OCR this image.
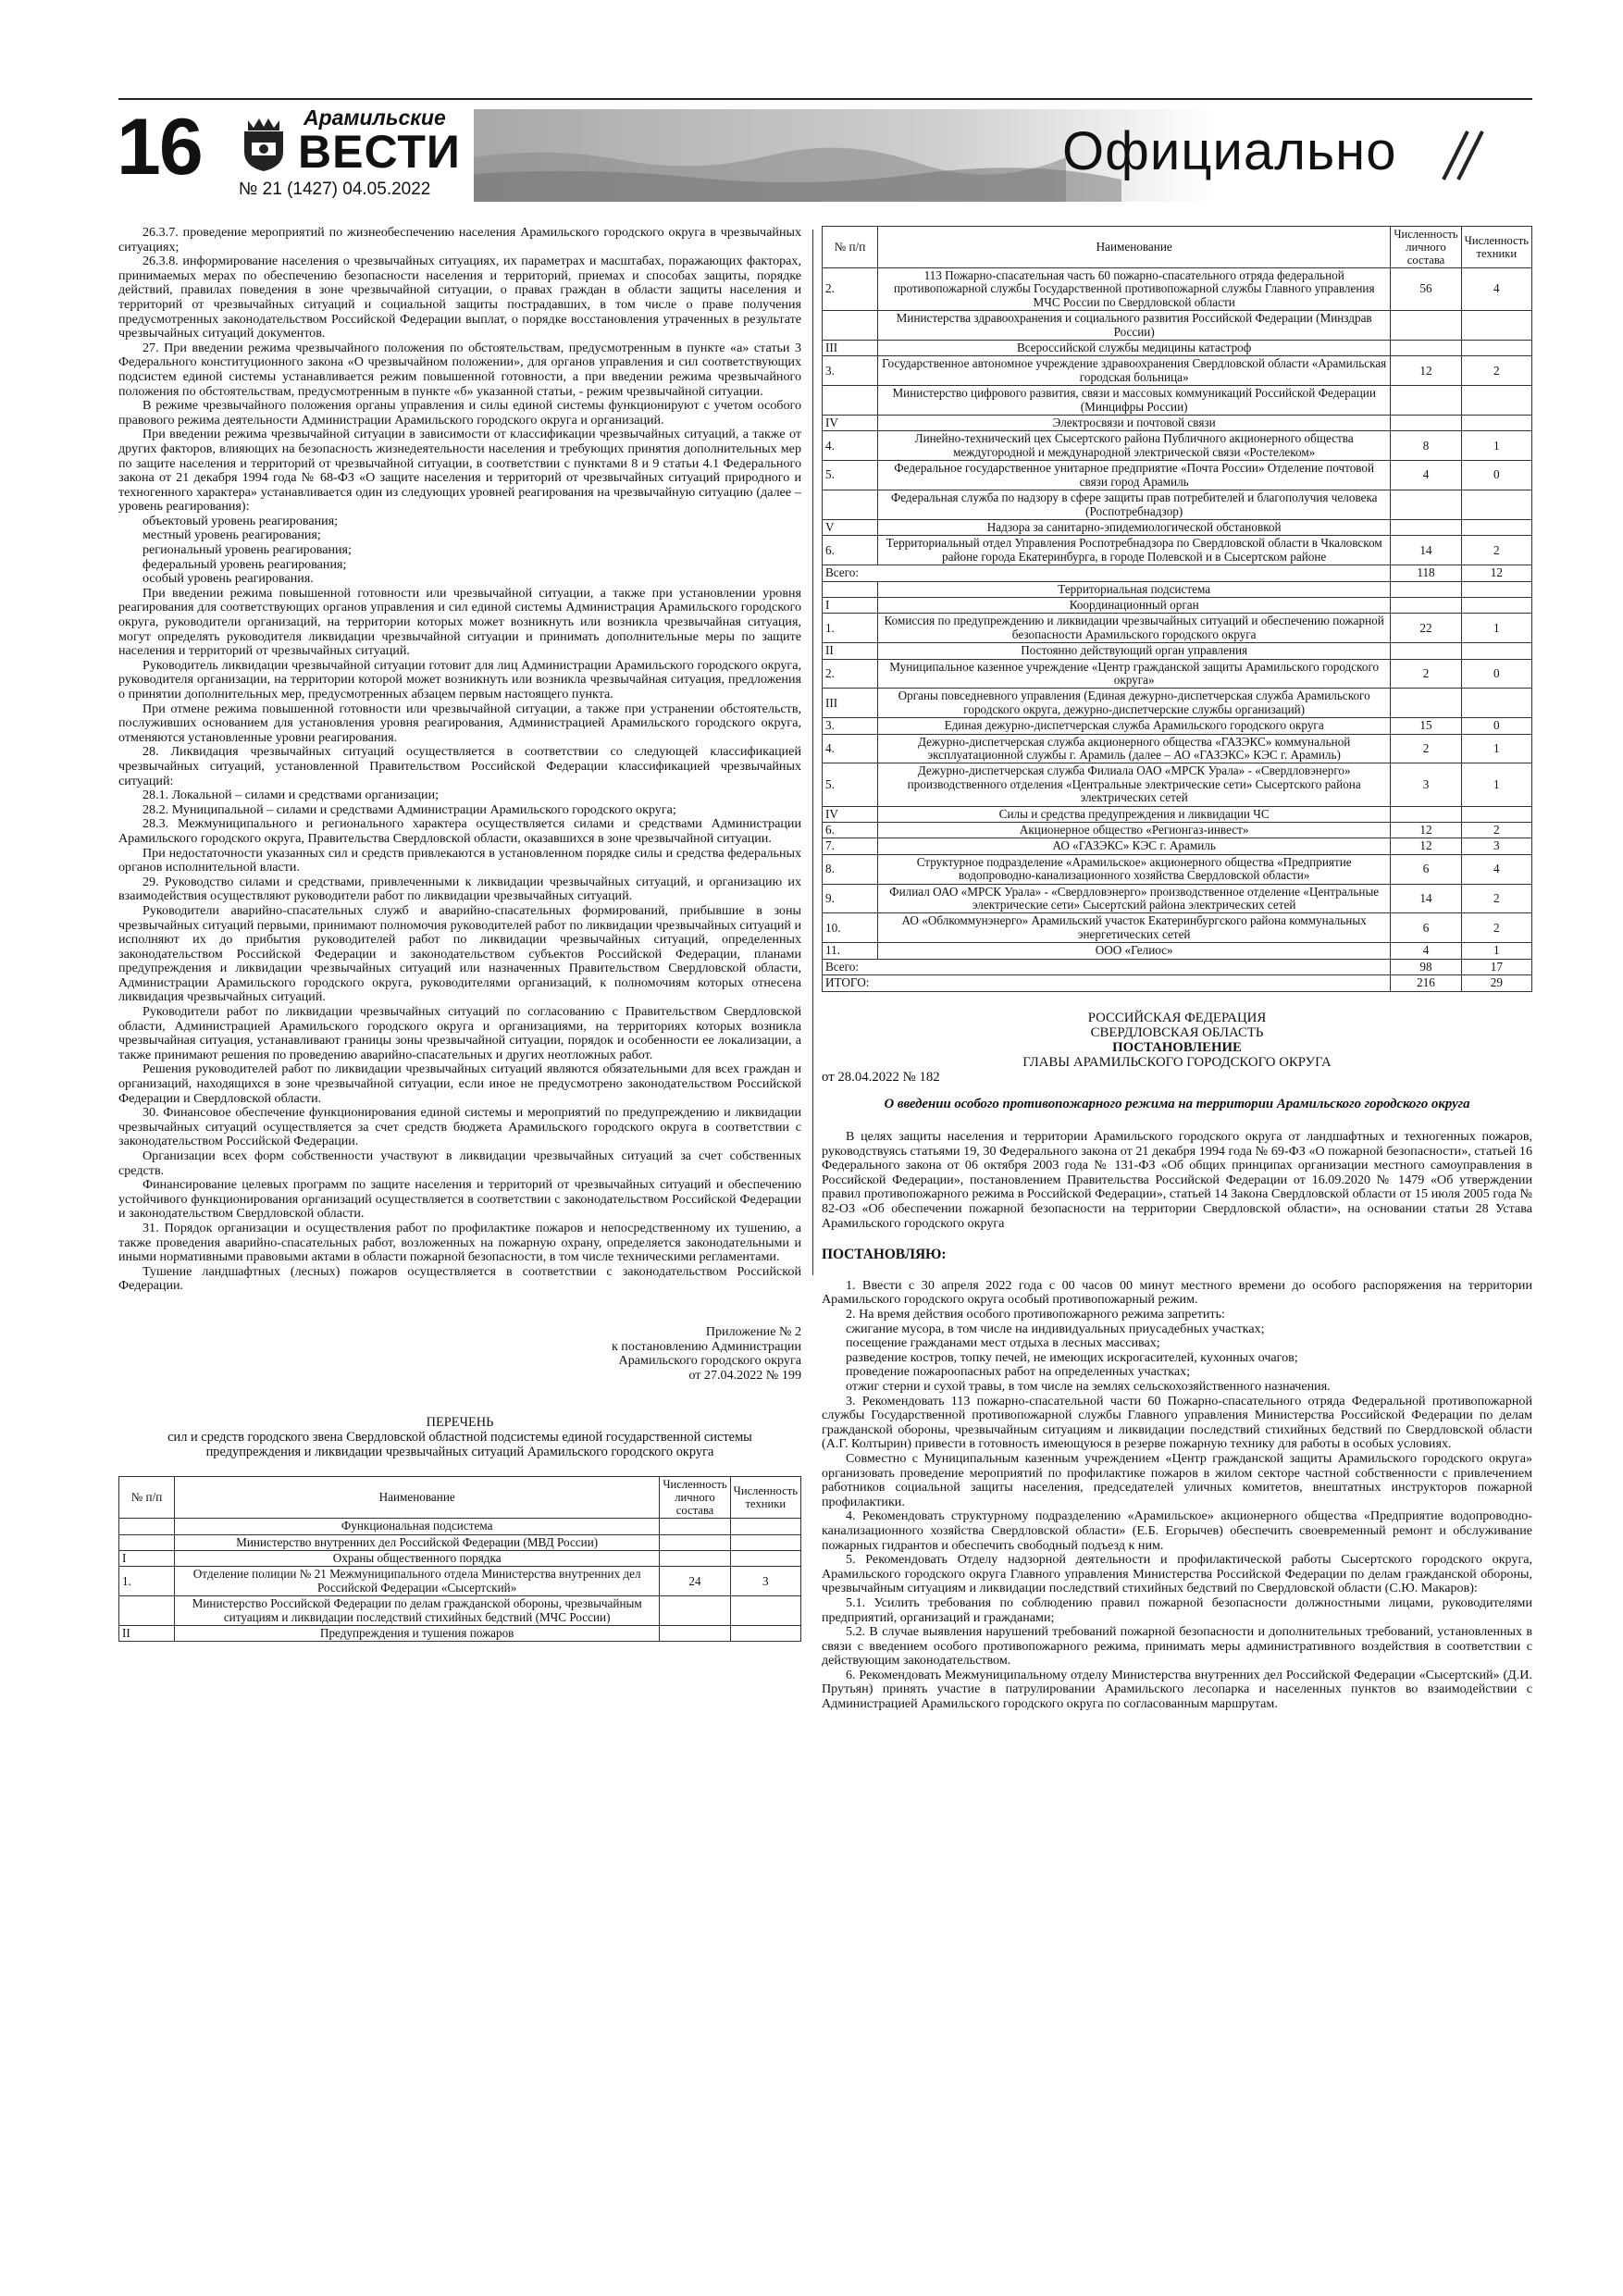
16	Арамильские
ВЕСТИ
№ 21 (1427) 04.05.2022
Официально

26.3.7. проведение мероприятий по жизнеобеспечению населения Арамильского городского округа в чрезвычайных ситуациях;

26.3.8. информирование населения о чрезвычайных ситуациях, их параметрах и масштабах, поражающих факторах, принимаемых мерах по обеспечению безопасности населения и территорий, приемах и способах защиты, порядке действий, правилах поведения в зоне чрезвычайной ситуации, о правах граждан в области защиты населения и территорий от чрезвычайных ситуаций и социальной защиты пострадавших, в том числе о праве получения предусмотренных законодательством Российской Федерации выплат, о порядке восстановления утраченных в результате чрезвычайных ситуаций документов.

27. При введении режима чрезвычайного положения по обстоятельствам, предусмотренным в пункте «а» статьи 3 Федерального конституционного закона «О чрезвычайном положении», для органов управления и сил соответствующих подсистем единой системы устанавливается режим повышенной готовности, а при введении режима чрезвычайного положения по обстоятельствам, предусмотренным в пункте «б» указанной статьи, - режим чрезвычайной ситуации.

В режиме чрезвычайного положения органы управления и силы единой системы функционируют с учетом особого правового режима деятельности Администрации Арамильского городского округа и организаций.

При введении режима чрезвычайной ситуации в зависимости от классификации чрезвычайных ситуаций, а также от других факторов, влияющих на безопасность жизнедеятельности населения и требующих принятия дополнительных мер по защите населения и территорий от чрезвычайной ситуации, в соответствии с пунктами 8 и 9 статьи 4.1 Федерального закона от 21 декабря 1994 года № 68-ФЗ «О защите населения и территорий от чрезвычайных ситуаций природного и техногенного характера» устанавливается один из следующих уровней реагирования на чрезвычайную ситуацию (далее – уровень реагирования):

объектовый уровень реагирования;

местный уровень реагирования;

региональный уровень реагирования;

федеральный уровень реагирования;

особый уровень реагирования.

При введении режима повышенной готовности или чрезвычайной ситуации, а также при установлении уровня реагирования для соответствующих органов управления и сил единой системы Администрация Арамильского городского округа, руководители организаций, на территории которых может возникнуть или возникла чрезвычайная ситуация, могут определять руководителя ликвидации чрезвычайной ситуации и принимать дополнительные меры по защите населения и территорий от чрезвычайных ситуаций.

Руководитель ликвидации чрезвычайной ситуации готовит для лиц Администрации Арамильского городского округа, руководителя организации, на территории которой может возникнуть или возникла чрезвычайная ситуация, предложения о принятии дополнительных мер, предусмотренных абзацем первым настоящего пункта.

При отмене режима повышенной готовности или чрезвычайной ситуации, а также при устранении обстоятельств, послуживших основанием для установления уровня реагирования, Администрацией Арамильского городского округа, отменяются установленные уровни реагирования.

28. Ликвидация чрезвычайных ситуаций осуществляется в соответствии со следующей классификацией чрезвычайных ситуаций, установленной Правительством Российской Федерации классификацией чрезвычайных ситуаций:

28.1. Локальной – силами и средствами организации;

28.2. Муниципальной – силами и средствами Администрации Арамильского городского округа;

28.3. Межмуниципального и регионального характера осуществляется силами и средствами Администрации Арамильского городского округа, Правительства Свердловской области, оказавшихся в зоне чрезвычайной ситуации.

При недостаточности указанных сил и средств привлекаются в установленном порядке силы и средства федеральных органов исполнительной власти.

29. Руководство силами и средствами, привлеченными к ликвидации чрезвычайных ситуаций, и организацию их взаимодействия осуществляют руководители работ по ликвидации чрезвычайных ситуаций.

Руководители аварийно-спасательных служб и аварийно-спасательных формирований, прибывшие в зоны чрезвычайных ситуаций первыми, принимают полномочия руководителей работ по ликвидации чрезвычайных ситуаций и исполняют их до прибытия руководителей работ по ликвидации чрезвычайных ситуаций, определенных законодательством Российской Федерации и законодательством субъектов Российской Федерации, планами предупреждения и ликвидации чрезвычайных ситуаций или назначенных Правительством Свердловской области, Администрации Арамильского городского округа, руководителями организаций, к полномочиям которых отнесена ликвидация чрезвычайных ситуаций.

Руководители работ по ликвидации чрезвычайных ситуаций по согласованию с Правительством Свердловской области, Администрацией Арамильского городского округа и организациями, на территориях которых возникла чрезвычайная ситуация, устанавливают границы зоны чрезвычайной ситуации, порядок и особенности ее локализации, а также принимают решения по проведению аварийно-спасательных и других неотложных работ.

Решения руководителей работ по ликвидации чрезвычайных ситуаций являются обязательными для всех граждан и организаций, находящихся в зоне чрезвычайной ситуации, если иное не предусмотрено законодательством Российской Федерации и Свердловской области.

30. Финансовое обеспечение функционирования единой системы и мероприятий по предупреждению и ликвидации чрезвычайных ситуаций осуществляется за счет средств бюджета Арамильского городского округа в соответствии с законодательством Российской Федерации.

Организации всех форм собственности участвуют в ликвидации чрезвычайных ситуаций за счет собственных средств.

Финансирование целевых программ по защите населения и территорий от чрезвычайных ситуаций и обеспечению устойчивого функционирования организаций осуществляется в соответствии с законодательством Российской Федерации и законодательством Свердловской области.

31. Порядок организации и осуществления работ по профилактике пожаров и непосредственному их тушению, а также проведения аварийно-спасательных работ, возложенных на пожарную охрану, определяется законодательными и иными нормативными правовыми актами в области пожарной безопасности, в том числе техническими регламентами.

Тушение ландшафтных (лесных) пожаров осуществляется в соответствии с законодательством Российской Федерации.

Приложение № 2
к постановлению Администрации
Арамильского городского округа
от 27.04.2022 № 199
ПЕРЕЧЕНЬ
сил и средств городского звена Свердловской областной подсистемы единой государственной системы предупреждения и ликвидации чрезвычайных ситуаций Арамильского городского округа
№ п/п	Наименование	Численность личного состава	Численность техники
	Функциональная подсистема		
	Министерство внутренних дел Российской Федерации (МВД России)		
I	Охраны общественного порядка		
1.	Отделение полиции № 21 Межмуниципального отдела Министерства внутренних дел Российской Федерации «Сысертский»	24	3
	Министерство Российской Федерации по делам гражданской обороны, чрезвычайным ситуациям и ликвидации последствий стихийных бедствий (МЧС России)		
II	Предупреждения и тушения пожаров		
№ п/п	Наименование	Численность личного состава	Численность техники
2.	113 Пожарно-спасательная часть 60 пожарно-спасательного отряда федеральной противопожарной службы Государственной противопожарной службы Главного управления МЧС России по Свердловской области	56	4
	Министерства здравоохранения и социального развития Российской Федерации (Минздрав России)		
III	Всероссийской службы медицины катастроф		
3.	Государственное автономное учреждение здравоохранения Свердловской области «Арамильская городская больница»	12	2
	Министерство цифрового развития, связи и массовых коммуникаций Российской Федерации (Минцифры России)		
IV	Электросвязи и почтовой связи		
4.	Линейно-технический цех Сысертского района Публичного акционерного общества междугородной и международной электрической связи «Ростелеком»	8	1
5.	Федеральное государственное унитарное предприятие «Почта России» Отделение почтовой связи город Арамиль	4	0
	Федеральная служба по надзору в сфере защиты прав потребителей и благополучия человека (Роспотребнадзор)		
V	Надзора за санитарно-эпидемиологической обстановкой		
6.	Территориальный отдел Управления Роспотребнадзора по Свердловской области в Чкаловском районе города Екатеринбурга, в городе Полевской и в Сысертском районе	14	2
Всего:		118	12
	Территориальная подсистема		
I	Координационный орган		
1.	Комиссия по предупреждению и ликвидации чрезвычайных ситуаций и обеспечению пожарной безопасности Арамильского городского округа	22	1
II	Постоянно действующий орган управления		
2.	Муниципальное казенное учреждение «Центр гражданской защиты Арамильского городского округа»	2	0
III	Органы повседневного управления (Единая дежурно-диспетчерская служба Арамильского городского округа, дежурно-диспетчерские службы организаций)		
3.	Единая дежурно-диспетчерская служба Арамильского городского округа	15	0
4.	Дежурно-диспетчерская служба акционерного общества «ГАЗЭКС» коммунальной эксплуатационной службы г. Арамиль (далее – АО «ГАЗЭКС» КЭС г. Арамиль)	2	1
5.	Дежурно-диспетчерская служба Филиала ОАО «МРСК Урала» - «Свердловэнерго» производственного отделения «Центральные электрические сети» Сысертского района электрических сетей	3	1
IV	Силы и средства предупреждения и ликвидации ЧС		
6.	Акционерное общество «Регионгаз-инвест»	12	2
7.	АО «ГАЗЭКС» КЭС г. Арамиль	12	3
8.	Структурное подразделение «Арамильское» акционерного общества «Предприятие водопроводно-канализационного хозяйства Свердловской области»	6	4
9.	Филиал ОАО «МРСК Урала» - «Свердловэнерго» производственное отделение «Центральные электрические сети» Сысертский района электрических сетей	14	2
10.	АО «Облкоммунэнерго» Арамильский участок Екатеринбургского района коммунальных энергетических сетей	6	2
11.	ООО «Гелиос»	4	1
Всего:		98	17
ИТОГО:		216	29
РОССИЙСКАЯ ФЕДЕРАЦИЯ
СВЕРДЛОВСКАЯ ОБЛАСТЬ
ПОСТАНОВЛЕНИЕ
ГЛАВЫ АРАМИЛЬСКОГО ГОРОДСКОГО ОКРУГА
от 28.04.2022 № 182
О введении особого противопожарного режима на территории Арамильского городского округа

В целях защиты населения и территории Арамильского городского округа от ландшафтных и техногенных пожаров, руководствуясь статьями 19, 30 Федерального закона от 21 декабря 1994 года № 69-ФЗ «О пожарной безопасности», статьей 16 Федерального закона от 06 октября 2003 года № 131-ФЗ «Об общих принципах организации местного самоуправления в Российской Федерации», постановлением Правительства Российской Федерации от 16.09.2020 № 1479 «Об утверждении правил противопожарного режима в Российской Федерации», статьей 14 Закона Свердловской области от 15 июля 2005 года № 82-ОЗ «Об обеспечении пожарной безопасности на территории Свердловской области», на основании статьи 28 Устава Арамильского городского округа

ПОСТАНОВЛЯЮ:

1. Ввести с 30 апреля 2022 года с 00 часов 00 минут местного времени до особого распоряжения на территории Арамильского городского округа особый противопожарный режим.

2. На время действия особого противопожарного режима запретить:

сжигание мусора, в том числе на индивидуальных приусадебных участках;

посещение гражданами мест отдыха в лесных массивах;

разведение костров, топку печей, не имеющих искрогасителей, кухонных очагов;

проведение пожароопасных работ на определенных участках;

отжиг стерни и сухой травы, в том числе на землях сельскохозяйственного назначения.

3. Рекомендовать 113 пожарно-спасательной части 60 Пожарно-спасательного отряда Федеральной противопожарной службы Государственной противопожарной службы Главного управления Министерства Российской Федерации по делам гражданской обороны, чрезвычайным ситуациям и ликвидации последствий стихийных бедствий по Свердловской области (А.Г. Колтырин) привести в готовность имеющуюся в резерве пожарную технику для работы в особых условиях.

Совместно с Муниципальным казенным учреждением «Центр гражданской защиты Арамильского городского округа» организовать проведение мероприятий по профилактике пожаров в жилом секторе частной собственности с привлечением работников социальной защиты населения, председателей уличных комитетов, внештатных инструкторов пожарной профилактики.

4. Рекомендовать структурному подразделению «Арамильское» акционерного общества «Предприятие водопроводно-канализационного хозяйства Свердловской области» (Е.Б. Егорычев) обеспечить своевременный ремонт и обслуживание пожарных гидрантов и обеспечить свободный подъезд к ним.

5. Рекомендовать Отделу надзорной деятельности и профилактической работы Сысертского городского округа, Арамильского городского округа Главного управления Министерства Российской Федерации по делам гражданской обороны, чрезвычайным ситуациям и ликвидации последствий стихийных бедствий по Свердловской области (С.Ю. Макаров):

5.1. Усилить требования по соблюдению правил пожарной безопасности должностными лицами, руководителями предприятий, организаций и гражданами;

5.2. В случае выявления нарушений требований пожарной безопасности и дополнительных требований, установленных в связи с введением особого противопожарного режима, принимать меры административного воздействия в соответствии с действующим законодательством.

6. Рекомендовать Межмуниципальному отделу Министерства внутренних дел Российской Федерации «Сысертский» (Д.И. Прутьян) принять участие в патрулировании Арамильского лесопарка и населенных пунктов во взаимодействии с Администрацией Арамильского городского округа по согласованным маршрутам.
